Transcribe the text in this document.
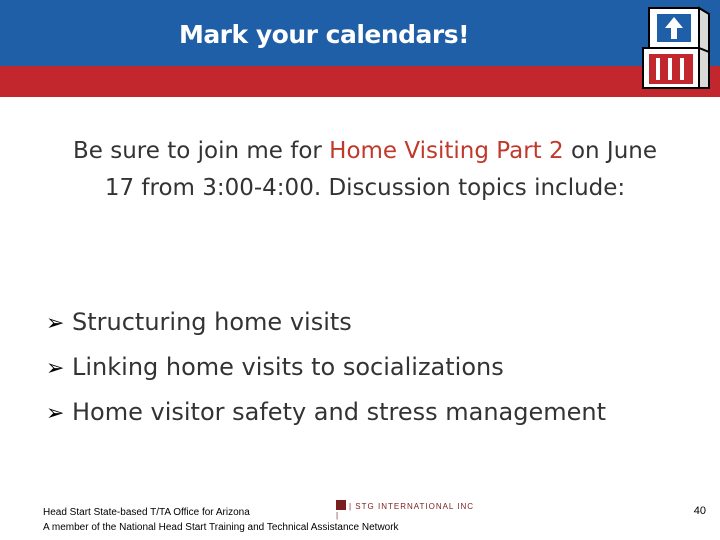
Mark your calendars!
Be sure to join me for Home Visiting Part 2 on June 17 from 3:00-4:00. Discussion topics include:
➢ Structuring home visits
➢ Linking home visits to socializations
➢ Home visitor safety and stress management
Head Start State-based T/TA Office for Arizona
A member of the National Head Start Training and Technical Assistance Network
| STG INTERNATIONAL INC |	40
